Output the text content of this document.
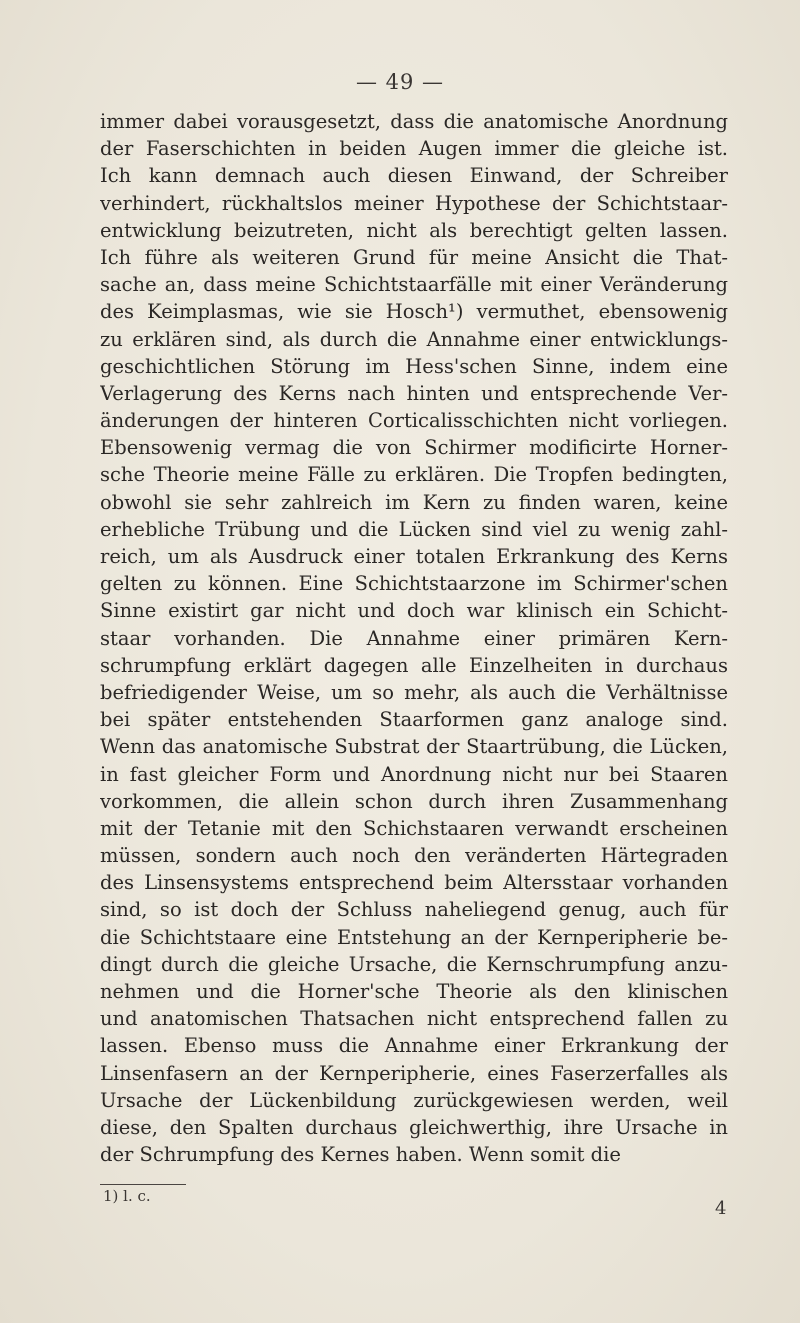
— 49 —
immer dabei vorausgesetzt, dass die anatomische Anordnung
der Faserschichten in beiden Augen immer die gleiche ist.
Ich kann demnach auch diesen Einwand, der Schreiber
verhindert, rückhaltslos meiner Hypothese der Schichtstaar-
entwicklung beizutreten, nicht als berechtigt gelten lassen.
Ich führe als weiteren Grund für meine Ansicht die That-
sache an, dass meine Schichtstaarfälle mit einer Veränderung
des Keimplasmas, wie sie Hosch¹) vermuthet, ebensowenig
zu erklären sind, als durch die Annahme einer entwicklungs-
geschichtlichen Störung im Hess'schen Sinne, indem eine
Verlagerung des Kerns nach hinten und entsprechende Ver-
änderungen der hinteren Corticalisschichten nicht vorliegen.
Ebensowenig vermag die von Schirmer modificirte Horner-
sche Theorie meine Fälle zu erklären. Die Tropfen bedingten,
obwohl sie sehr zahlreich im Kern zu finden waren, keine
erhebliche Trübung und die Lücken sind viel zu wenig zahl-
reich, um als Ausdruck einer totalen Erkrankung des Kerns
gelten zu können. Eine Schichtstaarzone im Schirmer'schen
Sinne existirt gar nicht und doch war klinisch ein Schicht-
staar vorhanden. Die Annahme einer primären Kern-
schrumpfung erklärt dagegen alle Einzelheiten in durchaus
befriedigender Weise, um so mehr, als auch die Verhältnisse
bei später entstehenden Staarformen ganz analoge sind.
Wenn das anatomische Substrat der Staartrübung, die Lücken,
in fast gleicher Form und Anordnung nicht nur bei Staaren
vorkommen, die allein schon durch ihren Zusammenhang
mit der Tetanie mit den Schichstaaren verwandt erscheinen
müssen, sondern auch noch den veränderten Härtegraden
des Linsensystems entsprechend beim Altersstaar vorhanden
sind, so ist doch der Schluss naheliegend genug, auch für
die Schichtstaare eine Entstehung an der Kernperipherie be-
dingt durch die gleiche Ursache, die Kernschrumpfung anzu-
nehmen und die Horner'sche Theorie als den klinischen
und anatomischen Thatsachen nicht entsprechend fallen zu
lassen. Ebenso muss die Annahme einer Erkrankung der
Linsenfasern an der Kernperipherie, eines Faserzerfalles als
Ursache der Lückenbildung zurückgewiesen werden, weil
diese, den Spalten durchaus gleichwerthig, ihre Ursache in
der Schrumpfung des Kernes haben. Wenn somit die
1) l. c.
4
